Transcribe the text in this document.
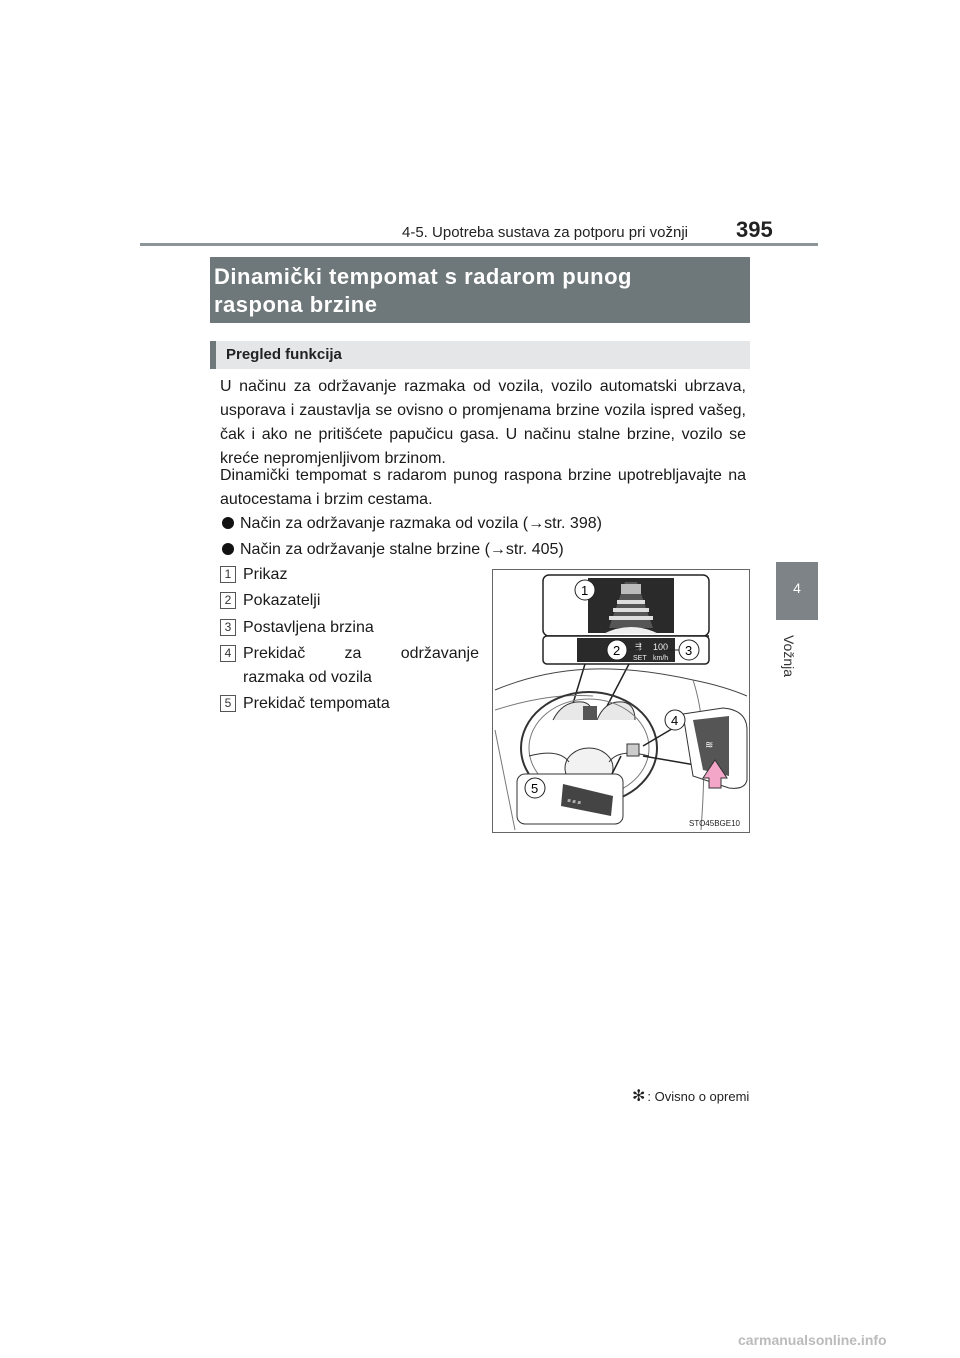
4-5. Upotreba sustava za potporu pri vožnji 395
4
Vožnja
Dinamički tempomat s radarom punog
raspona brzine
Pregled funkcija
U načinu za održavanje razmaka od vozila, vozilo automatski ubrzava, usporava i zaustavlja se ovisno o promjenama brzine vozila ispred vašeg, čak i ako ne pritišćete papučicu gasa. U načinu stalne brzine, vozilo se kreće nepromjenljivom brzinom.
Dinamički tempomat s radarom punog raspona brzine upotrebljavajte na autocestama i brzim cestama.
Način za održavanje razmaka od vozila (→str. 398)
Način za održavanje stalne brzine (→str. 405)
1 Prikaz
2 Pokazatelji
3 Postavljena brzina
4 Prekidač za održavanje
razmaka od vozila
5 Prekidač tempomata
⇶ 100
SET km/h
1
2	3
≋
4
≡ ≡ ≡
5
STO45BGE10
✻ : Ovisno o opremi
carmanualsonline.info
